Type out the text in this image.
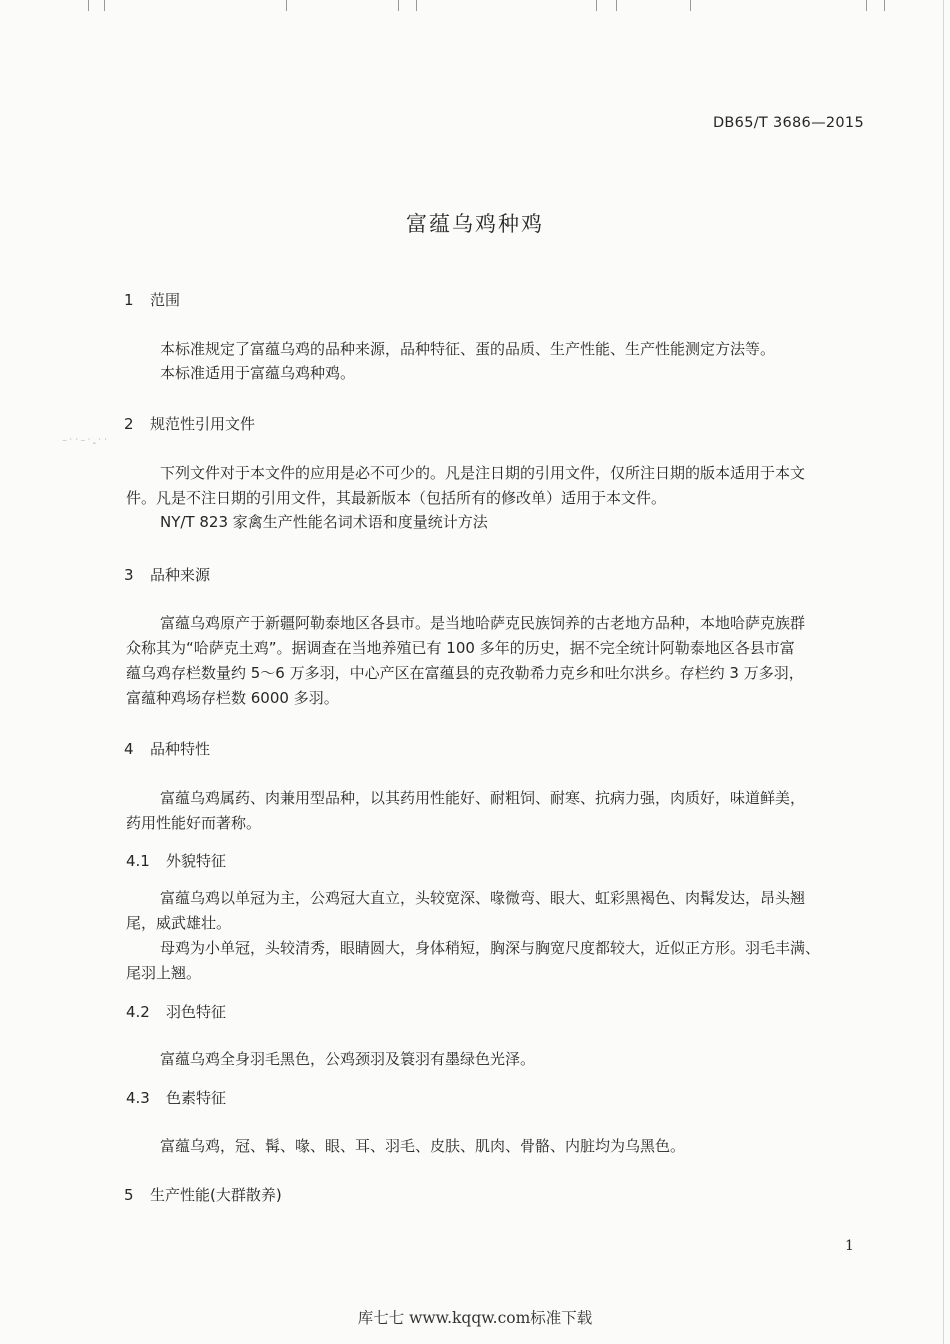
⁻˙˙⁻˙-˙˙
DB65/T 3686—2015
富蕴乌鸡种鸡
1 范围
本标准规定了富蕴乌鸡的品种来源，品种特征、蛋的品质、生产性能、生产性能测定方法等。
本标准适用于富蕴乌鸡种鸡。
2 规范性引用文件
下列文件对于本文件的应用是必不可少的。凡是注日期的引用文件，仅所注日期的版本适用于本文
件。凡是不注日期的引用文件，其最新版本（包括所有的修改单）适用于本文件。
NY/T 823 家禽生产性能名词术语和度量统计方法
3 品种来源
富蕴乌鸡原产于新疆阿勒泰地区各县市。是当地哈萨克民族饲养的古老地方品种，本地哈萨克族群
众称其为“哈萨克土鸡”。据调查在当地养殖已有 100 多年的历史，据不完全统计阿勒泰地区各县市富
蕴乌鸡存栏数量约 5～6 万多羽，中心产区在富蕴县的克孜勒希力克乡和吐尔洪乡。存栏约 3 万多羽，
富蕴种鸡场存栏数 6000 多羽。
4 品种特性
富蕴乌鸡属药、肉兼用型品种，以其药用性能好、耐粗饲、耐寒、抗病力强，肉质好，味道鲜美，
药用性能好而著称。
4.1 外貌特征
富蕴乌鸡以单冠为主，公鸡冠大直立，头较宽深、喙微弯、眼大、虹彩黑褐色、肉髯发达，昂头翘
尾，威武雄壮。
母鸡为小单冠，头较清秀，眼睛圆大，身体稍短，胸深与胸宽尺度都较大，近似正方形。羽毛丰满、
尾羽上翘。
4.2 羽色特征
富蕴乌鸡全身羽毛黑色，公鸡颈羽及簑羽有墨绿色光泽。
4.3 色素特征
富蕴乌鸡，冠、髯、喙、眼、耳、羽毛、皮肤、肌肉、骨骼、内脏均为乌黑色。
5 生产性能(大群散养)
1
库七七 www.kqqw.com标准下载
